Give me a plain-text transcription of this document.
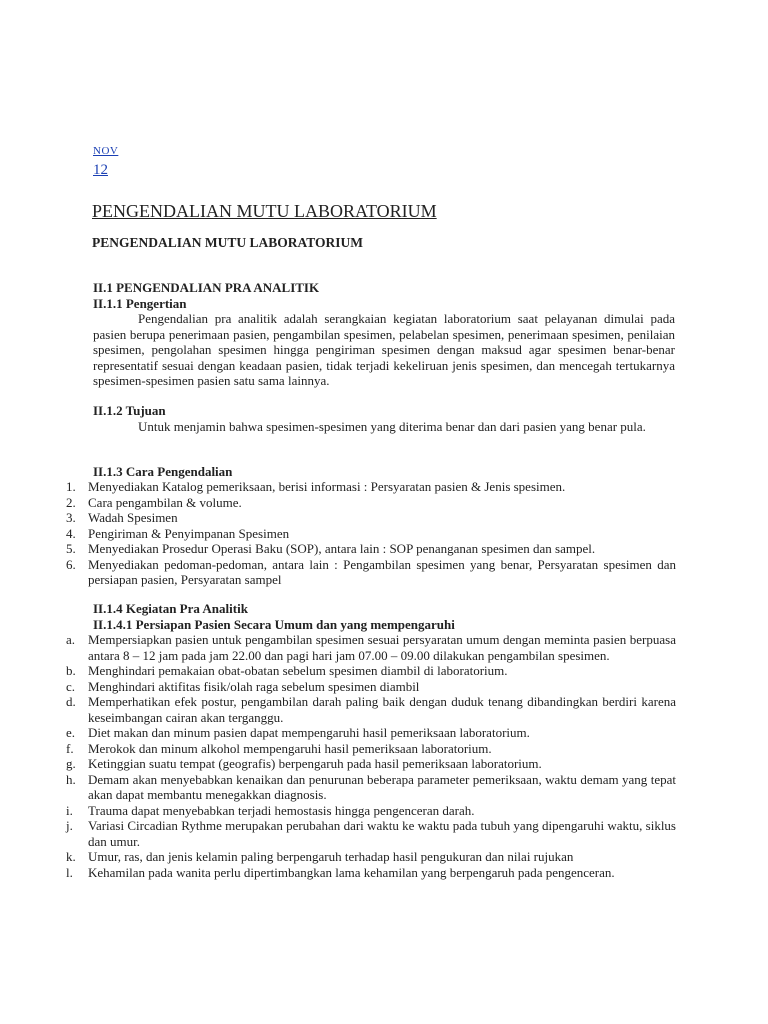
NOV
12
PENGENDALIAN MUTU LABORATORIUM
PENGENDALIAN MUTU LABORATORIUM

II.1 PENGENDALIAN PRA ANALITIK

II.1.1 Pengertian

Pengendalian pra analitik adalah serangkaian kegiatan laboratorium saat pelayanan dimulai pada pasien berupa penerimaan pasien, pengambilan spesimen, pelabelan spesimen, penerimaan spesimen, penilaian spesimen, pengolahan spesimen hingga pengiriman spesimen dengan maksud agar spesimen benar-benar representatif sesuai dengan keadaan pasien, tidak terjadi kekeliruan jenis spesimen, dan mencegah tertukarnya spesimen-spesimen pasien satu sama lainnya.

II.1.2 Tujuan

Untuk menjamin bahwa spesimen-spesimen yang diterima benar dan dari pasien yang benar pula.

II.1.3 Cara Pengendalian

1. Menyediakan Katalog pemeriksaan, berisi informasi : Persyaratan pasien & Jenis spesimen.
2. Cara pengambilan & volume.
3. Wadah Spesimen
4. Pengiriman & Penyimpanan Spesimen
5. Menyediakan Prosedur Operasi Baku (SOP), antara lain : SOP penanganan spesimen dan sampel.
6. Menyediakan pedoman-pedoman, antara lain : Pengambilan spesimen yang benar, Persyaratan spesimen dan persiapan pasien, Persyaratan sampel

II.1.4 Kegiatan Pra Analitik

II.1.4.1 Persiapan Pasien Secara Umum dan yang mempengaruhi

a. Mempersiapkan pasien untuk pengambilan spesimen sesuai persyaratan umum dengan meminta pasien berpuasa antara 8 – 12 jam pada jam 22.00 dan pagi hari jam 07.00 – 09.00 dilakukan pengambilan spesimen.
b. Menghindari pemakaian obat-obatan sebelum spesimen diambil di laboratorium.
c. Menghindari aktifitas fisik/olah raga sebelum spesimen diambil
d. Memperhatikan efek postur, pengambilan darah paling baik dengan duduk tenang dibandingkan berdiri karena keseimbangan cairan akan terganggu.
e. Diet makan dan minum pasien dapat mempengaruhi hasil pemeriksaan laboratorium.
f.	Merokok dan minum alkohol mempengaruhi hasil pemeriksaan laboratorium.
g. Ketinggian suatu tempat (geografis) berpengaruh pada hasil pemeriksaan laboratorium.
h. Demam akan menyebabkan kenaikan dan penurunan beberapa parameter pemeriksaan, waktu demam yang tepat akan dapat membantu menegakkan diagnosis.
i.	Trauma dapat menyebabkan terjadi hemostasis hingga pengenceran darah.
j.	Variasi Circadian Rythme merupakan perubahan dari waktu ke waktu pada tubuh yang dipengaruhi waktu, siklus dan umur.
k. Umur, ras, dan jenis kelamin paling berpengaruh terhadap hasil pengukuran dan nilai rujukan
l.	Kehamilan pada wanita perlu dipertimbangkan lama kehamilan yang berpengaruh pada pengenceran.
